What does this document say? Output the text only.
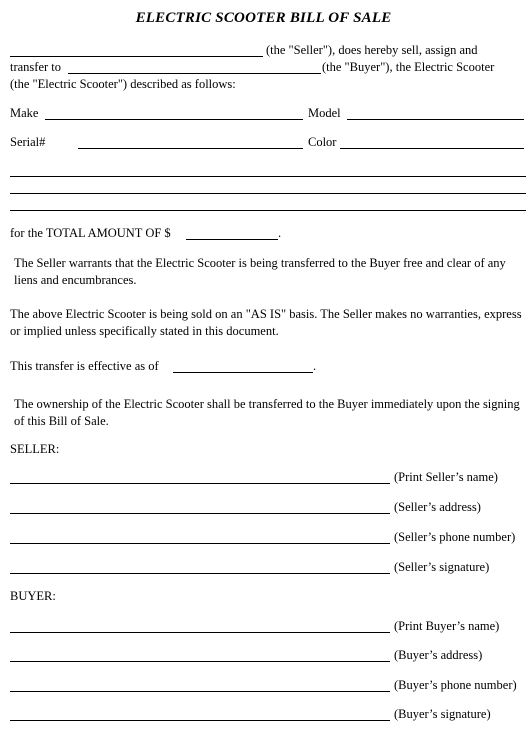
ELECTRIC SCOOTER BILL OF SALE
(the "Seller"), does hereby sell, assign and
transfer to	(the "Buyer"), the Electric Scooter
(the "Electric Scooter") described as follows:
Make	Model
Serial#	Color
for the TOTAL AMOUNT OF $	.
The Seller warrants that the Electric Scooter is being transferred to the Buyer free and clear of any liens and encumbrances.
The above Electric Scooter is being sold on an "AS IS" basis. The Seller makes no warranties, express or implied unless specifically stated in this document.
This transfer is effective as of	.
The ownership of the Electric Scooter shall be transferred to the Buyer immediately upon the signing of this Bill of Sale.
SELLER:
(Print Seller’s name)
(Seller’s address)
(Seller’s phone number)
(Seller’s signature)
BUYER:
(Print Buyer’s name)
(Buyer’s address)
(Buyer’s phone number)
(Buyer’s signature)
